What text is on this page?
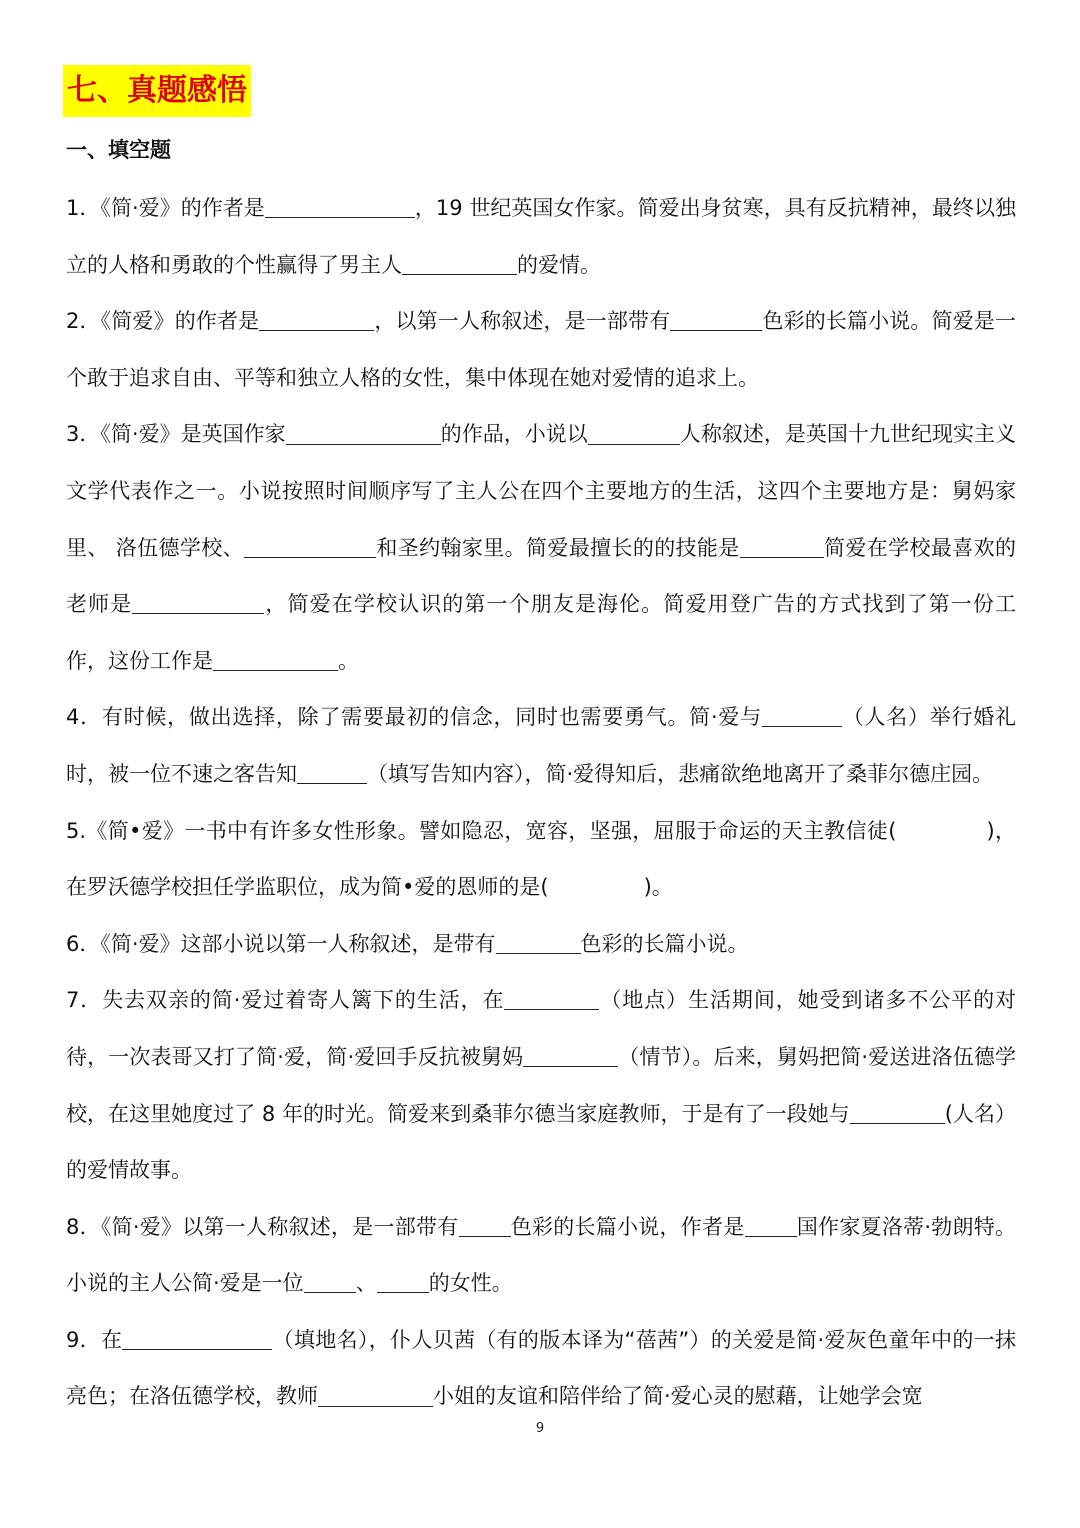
七、真题感悟
一、填空题

1．《简·爱》的作者是	，19 世纪英国女作家。简爱出身贫寒，具有反抗精神，最终以独立的人格和勇敢的个性赢得了男主人	的爱情。

2．《简爱》的作者是	，以第一人称叙述，是一部带有	色彩的长篇小说。简爱是一个敢于追求自由、平等和独立人格的女性，集中体现在她对爱情的追求上。

3．《简·爱》是英国作家	的作品，小说以	人称叙述，是英国十九世纪现实主义文学代表作之一。小说按照时间顺序写了主人公在四个主要地方的生活，这四个主要地方是：舅妈家里、 洛伍德学校、	和圣约翰家里。简爱最擅长的的技能是	简爱在学校最喜欢的老师是	，简爱在学校认识的第一个朋友是海伦。简爱用登广告的方式找到了第一份工作，这份工作是	。

4．有时候，做出选择，除了需要最初的信念，同时也需要勇气。简·爱与	（人名）举行婚礼时，被一位不速之客告知	（填写告知内容），简·爱得知后，悲痛欲绝地离开了桑菲尔德庄园。

5.《简•爱》一书中有许多女性形象。譬如隐忍，宽容，坚强，屈服于命运的天主教信徒(	)，在罗沃德学校担任学监职位，成为简•爱的恩师的是(	)。

6．《简·爱》这部小说以第一人称叙述，是带有	色彩的长篇小说。

7．失去双亲的简·爱过着寄人篱下的生活，在	（地点）生活期间，她受到诸多不公平的对待，一次表哥又打了简·爱，简·爱回手反抗被舅妈	（情节）。后来，舅妈把简·爱送进洛伍德学校，在这里她度过了 8 年的时光。简爱来到桑菲尔德当家庭教师，于是有了一段她与	(人名）的爱情故事。

8．《简·爱》以第一人称叙述，是一部带有 色彩的长篇小说，作者是 国作家夏洛蒂·勃朗特。小说的主人公简·爱是一位 、 的女性。

9．在	（填地名），仆人贝茜（有的版本译为“蓓茜”）的关爱是简·爱灰色童年中的一抹亮色；在洛伍德学校，教师	小姐的友谊和陪伴给了简·爱心灵的慰藉，让她学会宽

9
